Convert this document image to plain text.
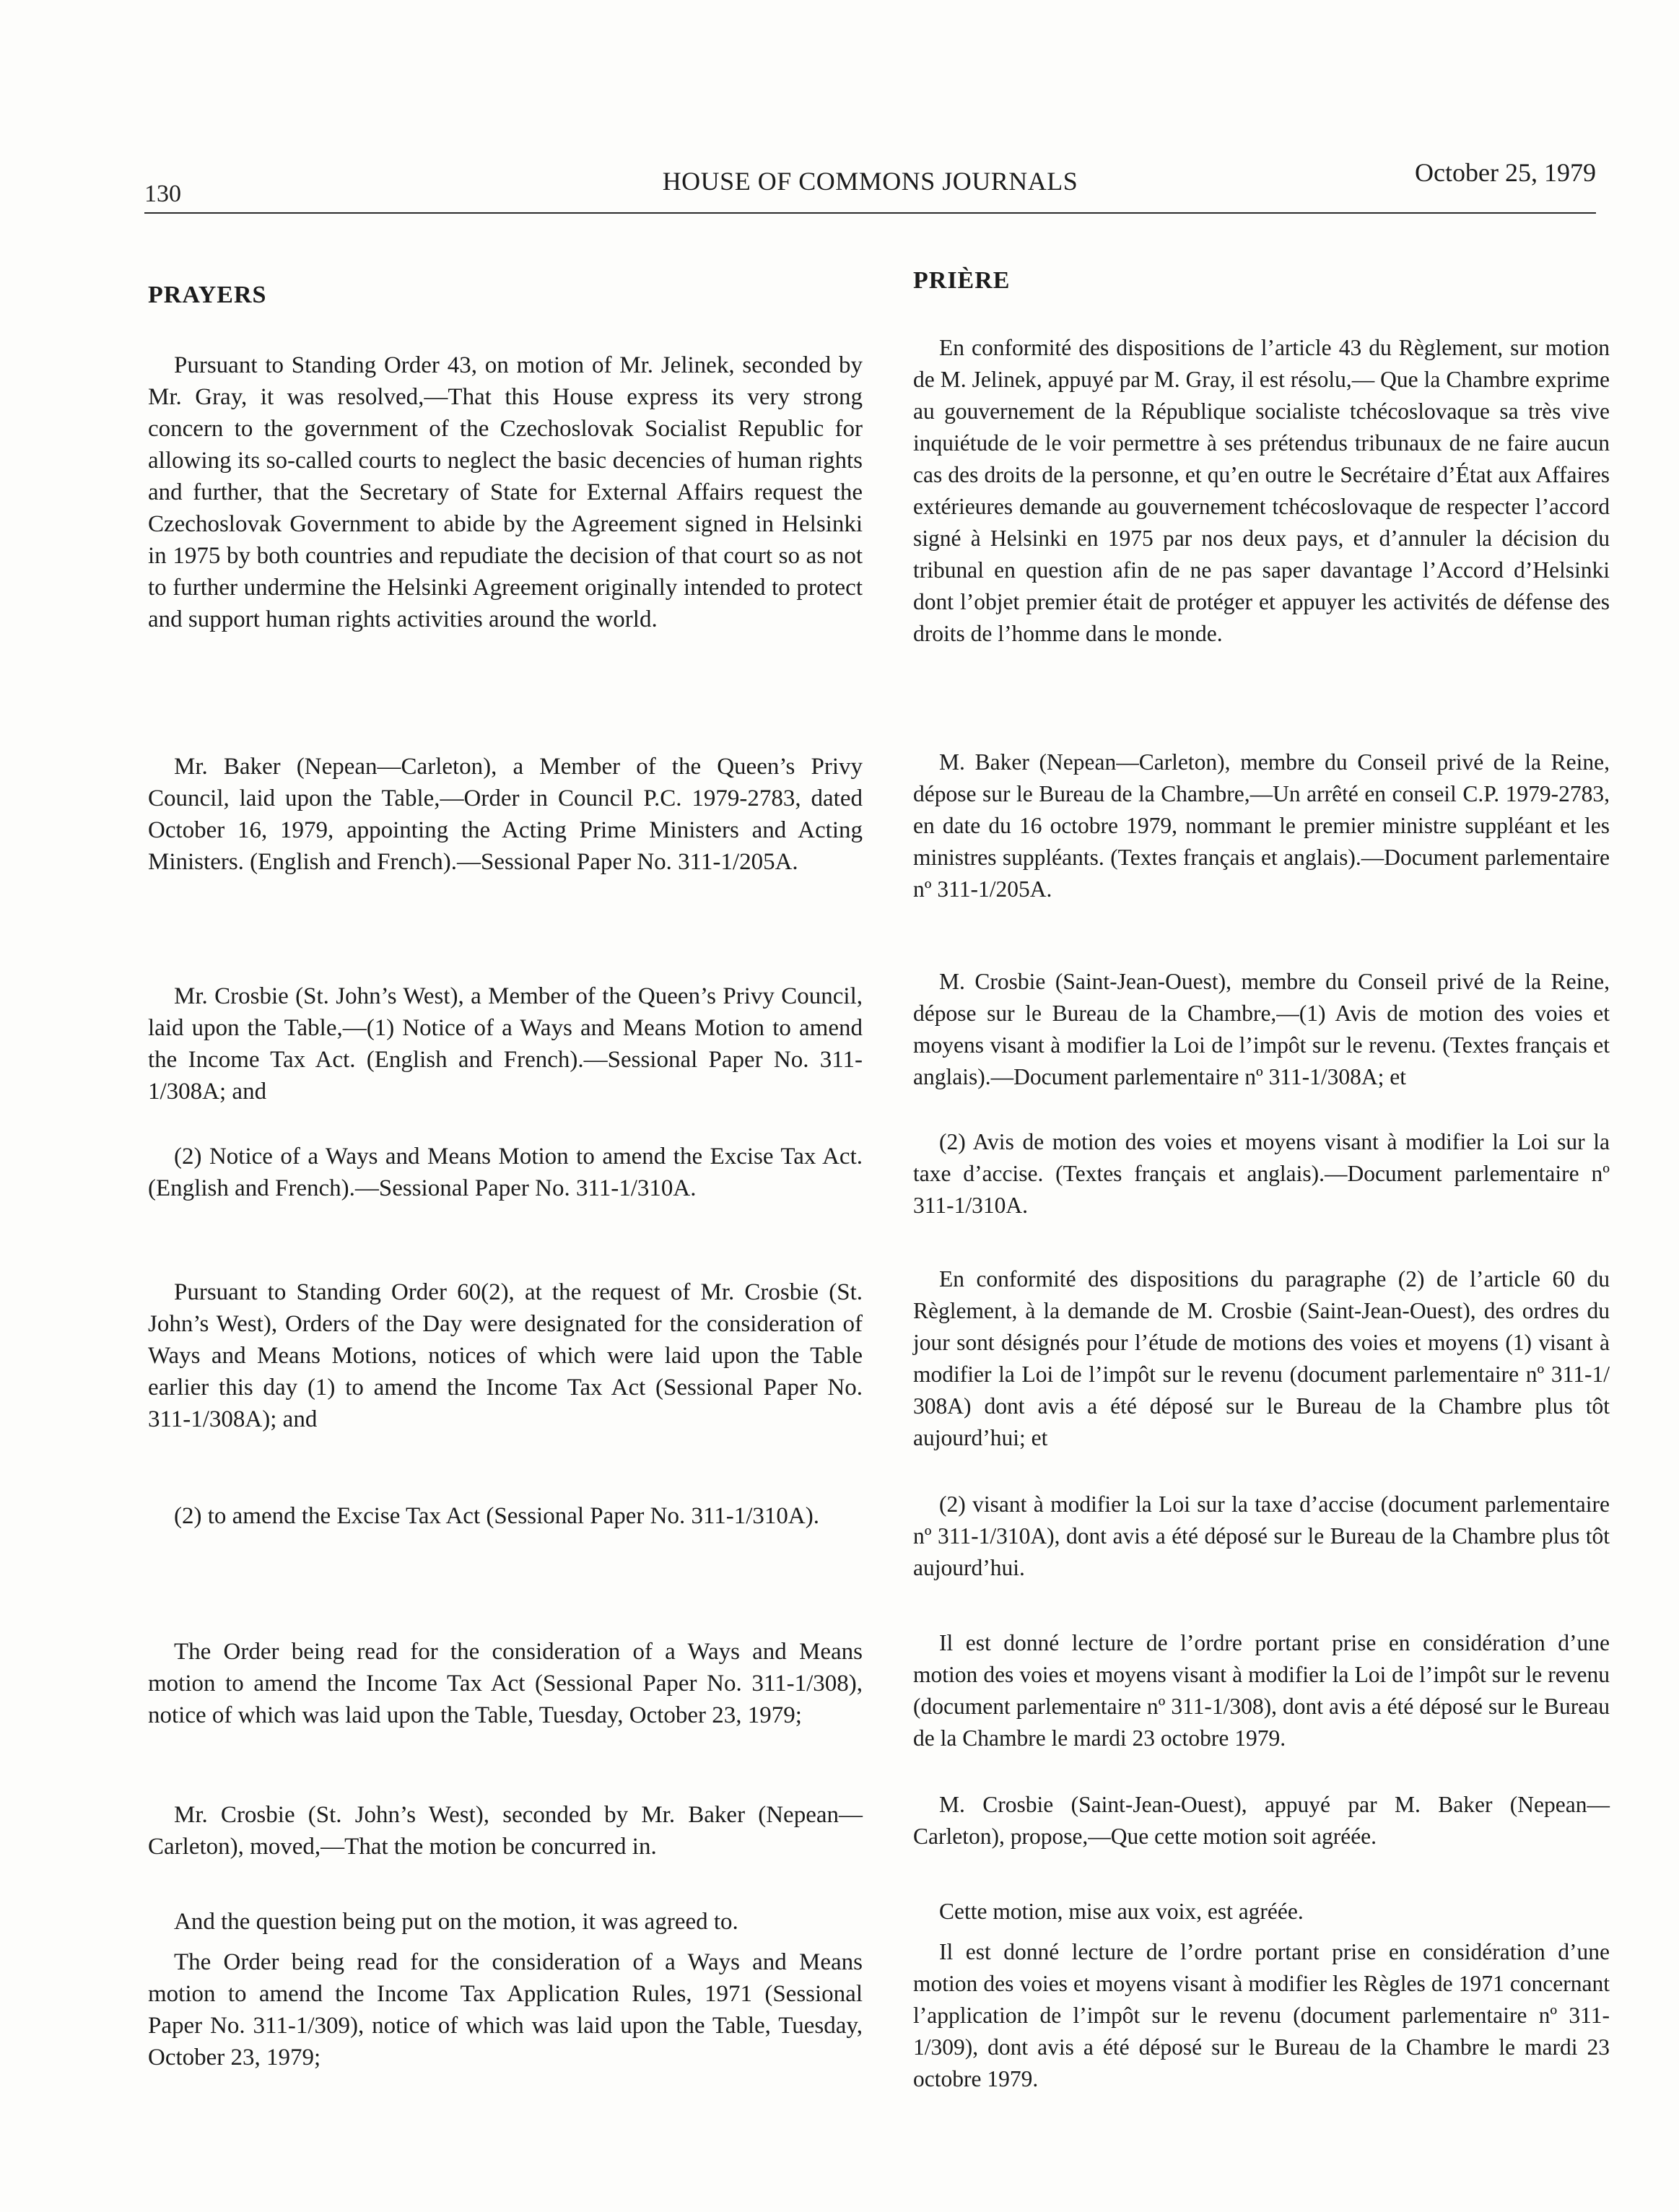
130	HOUSE OF COMMONS JOURNALS	October 25, 1979
PRAYERS

Pursuant to Standing Order 43, on motion of Mr. Jelinek, seconded by Mr. Gray, it was resolved,—That this House express its very strong concern to the government of the Czechoslovak Socialist Republic for allowing its so-called courts to neglect the basic decencies of human rights and further, that the Secretary of State for External Affairs request the Czechoslovak Government to abide by the Agreement signed in Helsinki in 1975 by both countries and repudiate the decision of that court so as not to further undermine the Helsinki Agreement originally intended to protect and support human rights activities around the world.

Mr. Baker (Nepean—Carleton), a Member of the Queen’s Privy Council, laid upon the Table,—Order in Council P.C. 1979-2783, dated October 16, 1979, appointing the Acting Prime Ministers and Acting Ministers. (English and French).—Sessional Paper No. 311-1/205A.

Mr. Crosbie (St. John’s West), a Member of the Queen’s Privy Council, laid upon the Table,—(1) Notice of a Ways and Means Motion to amend the Income Tax Act. (English and French).—Sessional Paper No. 311-1/308A; and

(2) Notice of a Ways and Means Motion to amend the Excise Tax Act. (English and French).—Sessional Paper No. 311-1/310A.

Pursuant to Standing Order 60(2), at the request of Mr. Crosbie (St. John’s West), Orders of the Day were designated for the consideration of Ways and Means Motions, notices of which were laid upon the Table earlier this day (1) to amend the Income Tax Act (Sessional Paper No. 311-1/308A); and

(2) to amend the Excise Tax Act (Sessional Paper No. 311-1/310A).

The Order being read for the consideration of a Ways and Means motion to amend the Income Tax Act (Sessional Paper No. 311-1/308), notice of which was laid upon the Table, Tuesday, October 23, 1979;

Mr. Crosbie (St. John’s West), seconded by Mr. Baker (Nepean—Carleton), moved,—That the motion be concurred in.

And the question being put on the motion, it was agreed to.

The Order being read for the consideration of a Ways and Means motion to amend the Income Tax Application Rules, 1971 (Sessional Paper No. 311-1/309), notice of which was laid upon the Table, Tuesday, October 23, 1979;

PRIÈRE

En conformité des dispositions de l’article 43 du Règlement, sur motion de M. Jelinek, appuyé par M. Gray, il est résolu,— Que la Chambre exprime au gouvernement de la République socialiste tchécoslovaque sa très vive inquiétude de le voir permettre à ses prétendus tribunaux de ne faire aucun cas des droits de la personne, et qu’en outre le Secrétaire d’État aux Affaires extérieures demande au gouvernement tchécoslovaque de respecter l’accord signé à Helsinki en 1975 par nos deux pays, et d’annuler la décision du tribunal en question afin de ne pas saper davantage l’Accord d’Helsinki dont l’objet premier était de protéger et appuyer les activités de défense des droits de l’homme dans le monde.

M. Baker (Nepean—Carleton), membre du Conseil privé de la Reine, dépose sur le Bureau de la Chambre,—Un arrêté en conseil C.P. 1979-2783, en date du 16 octobre 1979, nommant le premier ministre suppléant et les ministres suppléants. (Textes français et anglais).—Document parlementaire nº 311-1/205A.

M. Crosbie (Saint-Jean-Ouest), membre du Conseil privé de la Reine, dépose sur le Bureau de la Chambre,—(1) Avis de motion des voies et moyens visant à modifier la Loi de l’impôt sur le revenu. (Textes français et anglais).—Document parlementaire nº 311-1/308A; et

(2) Avis de motion des voies et moyens visant à modifier la Loi sur la taxe d’accise. (Textes français et anglais).—Document parlementaire nº 311-1/310A.

En conformité des dispositions du paragraphe (2) de l’article 60 du Règlement, à la demande de M. Crosbie (Saint-Jean-Ouest), des ordres du jour sont désignés pour l’étude de motions des voies et moyens (1) visant à modifier la Loi de l’impôt sur le revenu (document parlementaire nº 311-1/ 308A) dont avis a été déposé sur le Bureau de la Chambre plus tôt aujourd’hui; et

(2) visant à modifier la Loi sur la taxe d’accise (document parlementaire nº 311-1/310A), dont avis a été déposé sur le Bureau de la Chambre plus tôt aujourd’hui.

Il est donné lecture de l’ordre portant prise en considération d’une motion des voies et moyens visant à modifier la Loi de l’impôt sur le revenu (document parlementaire nº 311-1/308), dont avis a été déposé sur le Bureau de la Chambre le mardi 23 octobre 1979.

M. Crosbie (Saint-Jean-Ouest), appuyé par M. Baker (Nepean—Carleton), propose,—Que cette motion soit agréée.

Cette motion, mise aux voix, est agréée.

Il est donné lecture de l’ordre portant prise en considération d’une motion des voies et moyens visant à modifier les Règles de 1971 concernant l’application de l’impôt sur le revenu (document parlementaire nº 311-1/309), dont avis a été déposé sur le Bureau de la Chambre le mardi 23 octobre 1979.
